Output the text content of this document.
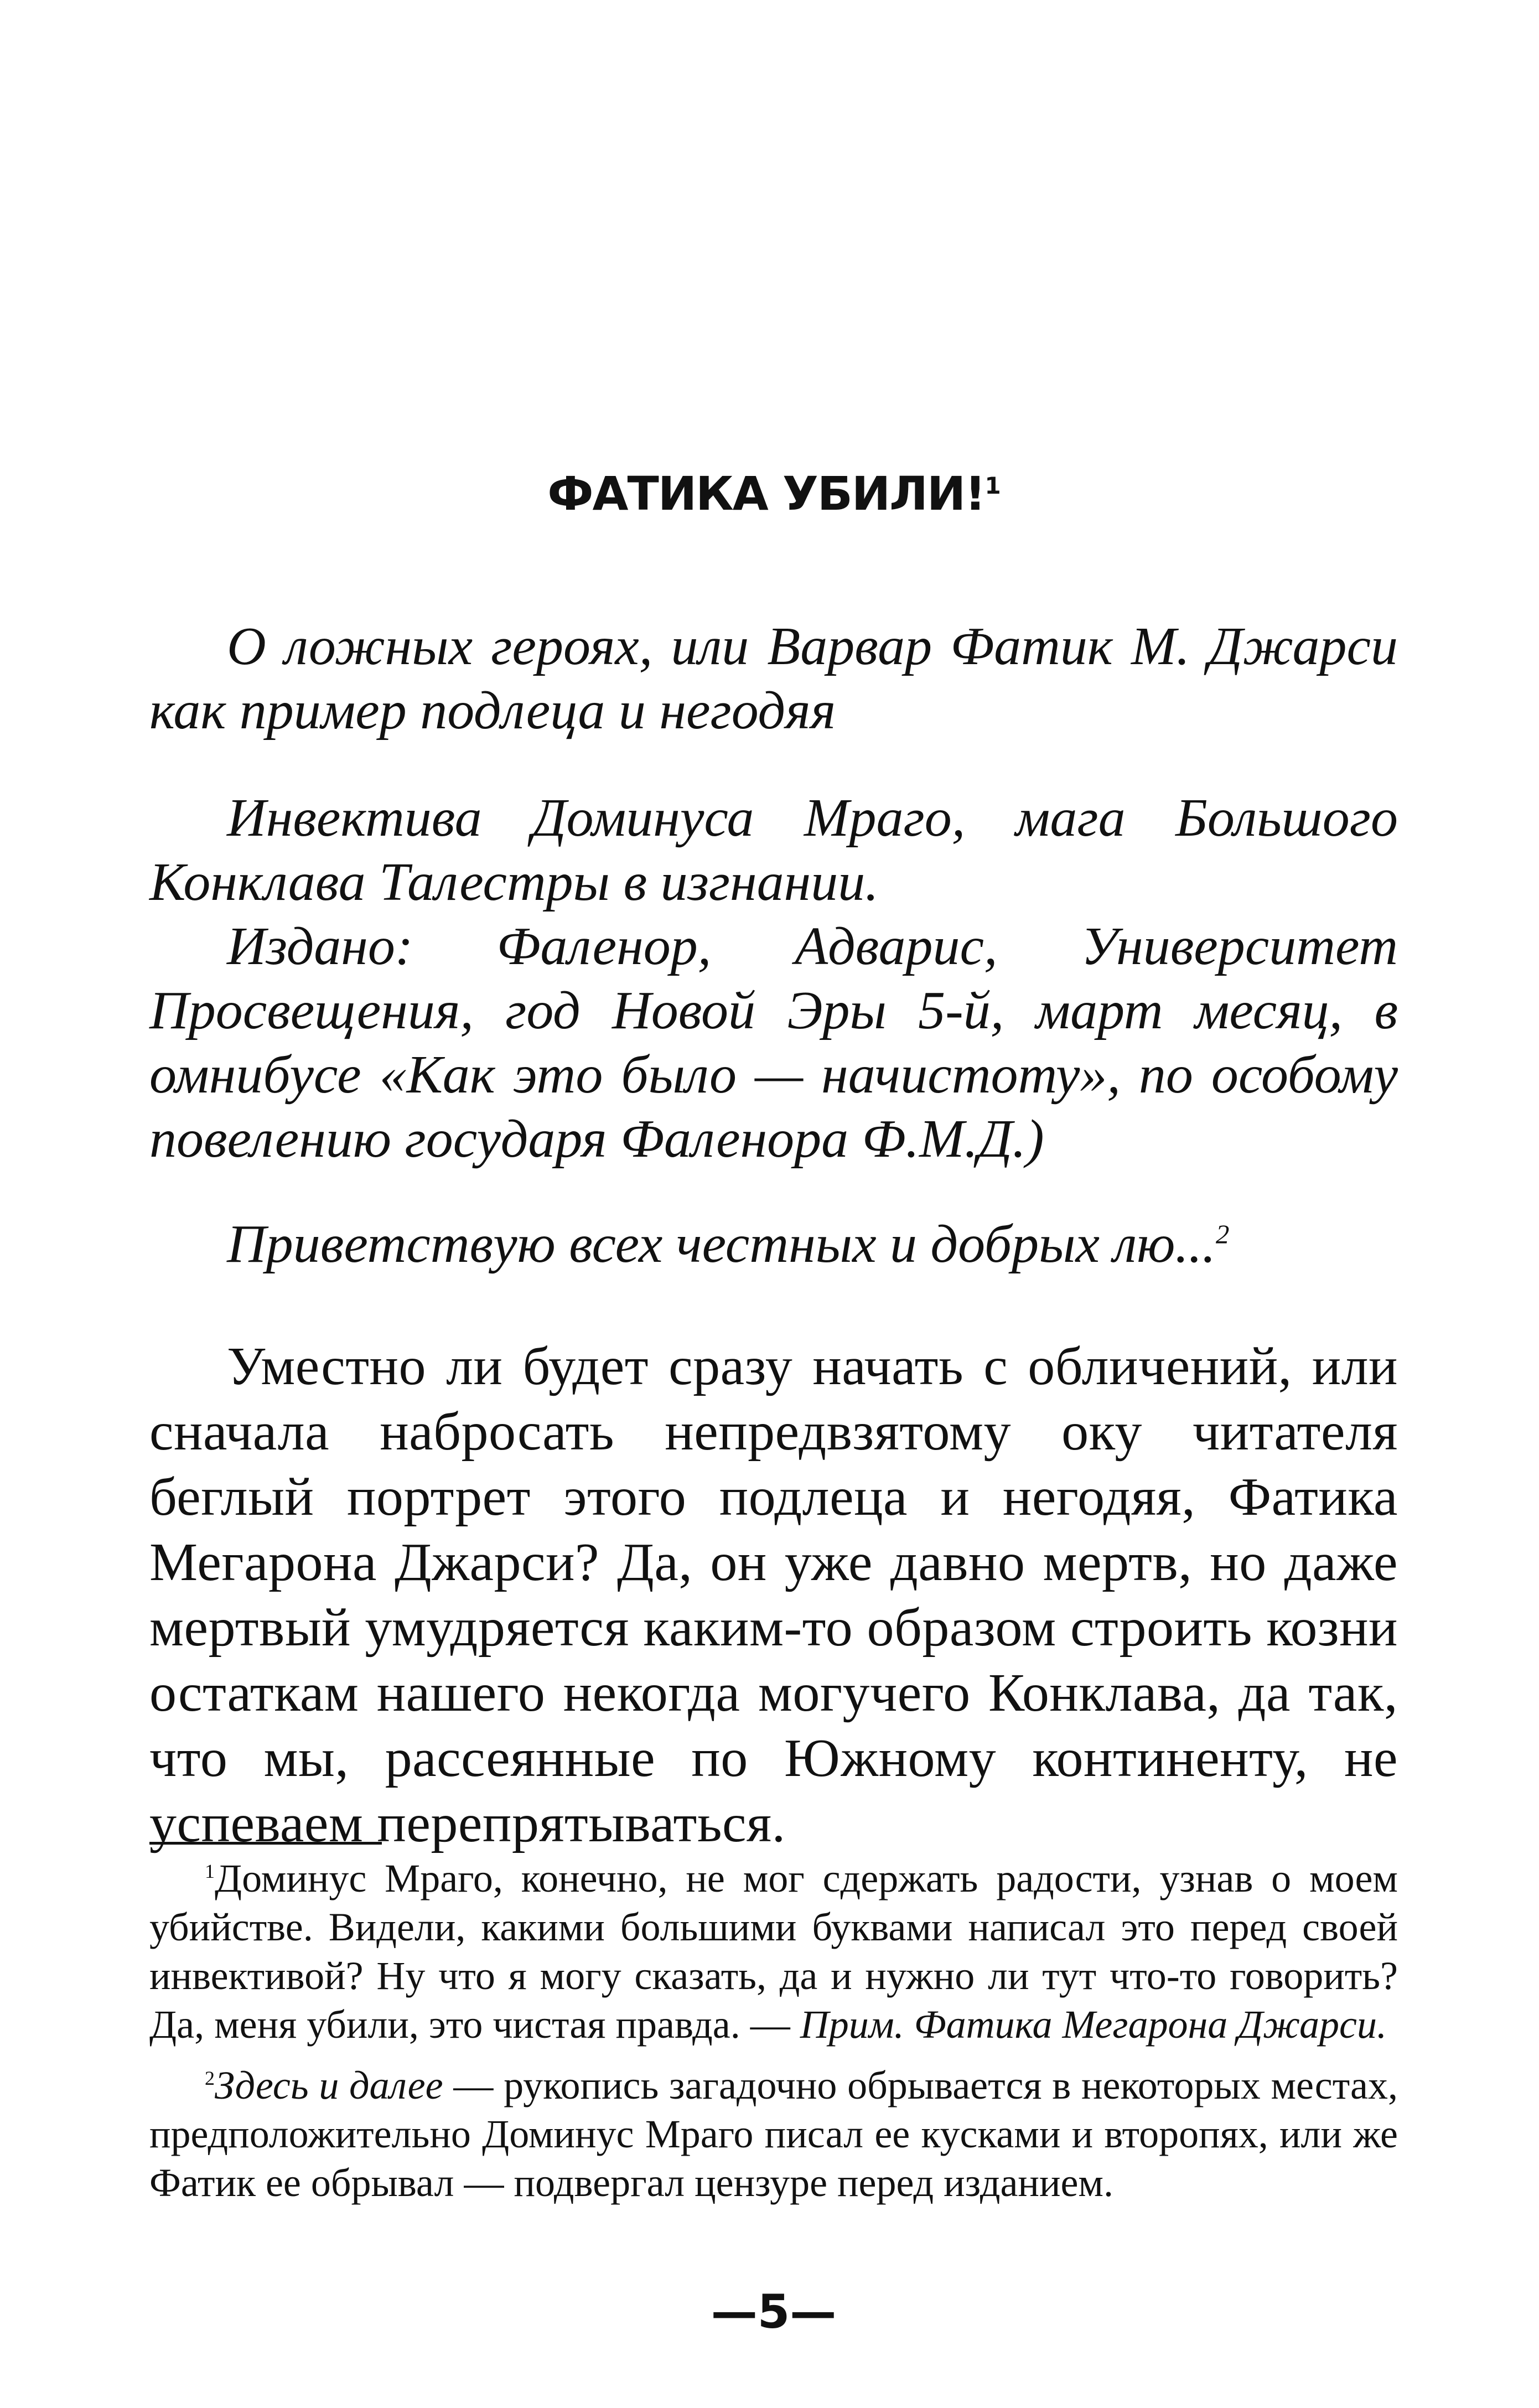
ФАТИКА УБИЛИ!$^1$

О ложных героях, или Варвар Фатик М. Джарси как пример подлеца и негодяя

Инвектива Доминуса Мраго, мага Большого Конклава Талестры в изгнании.

Издано: Фаленор, Адварис, Университет Просвещения, год Новой Эры 5-й, март месяц, в омнибусе «Как это было — начистоту», по особому повелению государя Фаленора Ф.М.Д.)

Приветствую всех честных и добрых лю...$^2$

Уместно ли будет сразу начать с обличений, или сначала набросать непредвзятому оку читателя беглый портрет этого подлеца и негодяя, Фатика Мегарона Джарси? Да, он уже давно мертв, но даже мертвый умудряется каким-то образом строить козни остаткам нашего некогда могучего Конклава, да так, что мы, рассеянные по Южному континенту, не успеваем перепрятываться.

$^1$Доминус Мраго, конечно, не мог сдержать радости, узнав о моем убийстве. Видели, какими большими буквами написал это перед своей инвективой? Ну что я могу сказать, да и нужно ли тут что-то говорить? Да, меня убили, это чистая правда. — Прим. Фатика Мегарона Джарси.

$^2$Здесь и далее — рукопись загадочно обрывается в некоторых местах, предположительно Доминус Мраго писал ее кусками и второпях, или же Фатик ее обрывал — подвергал цензуре перед изданием.

—5—
